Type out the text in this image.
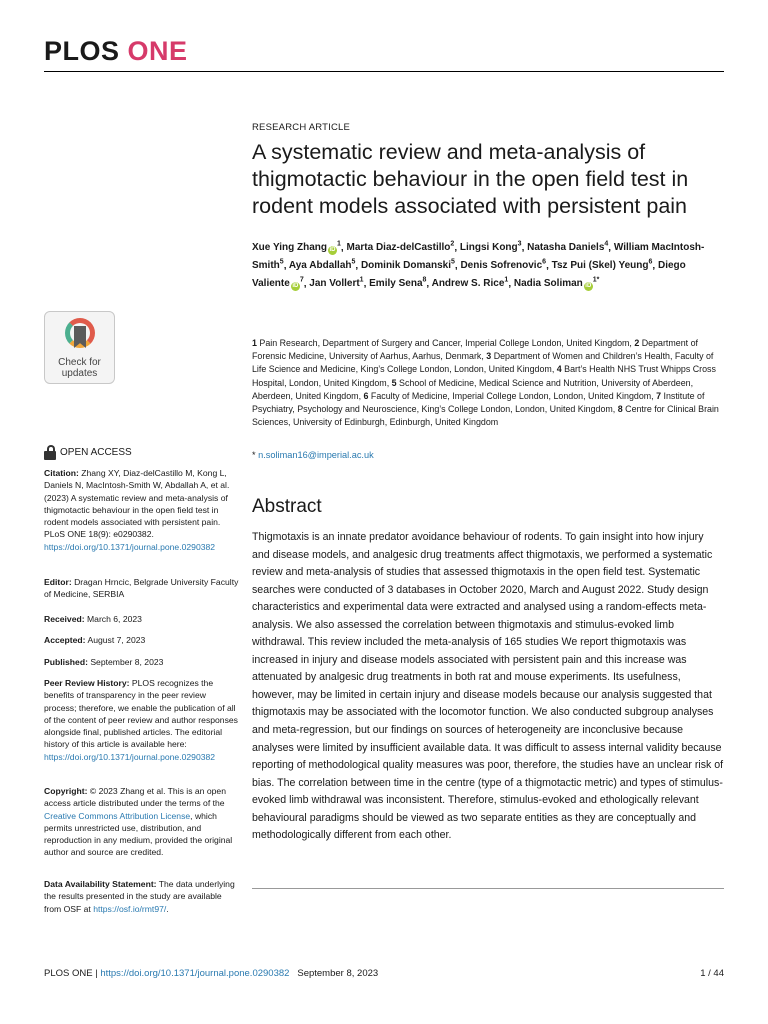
PLOS ONE
Check for
updates
OPEN ACCESS
Citation: Zhang XY, Diaz-delCastillo M, Kong L, Daniels N, MacIntosh-Smith W, Abdallah A, et al. (2023) A systematic review and meta-analysis of thigmotactic behaviour in the open field test in rodent models associated with persistent pain. PLoS ONE 18(9): e0290382. https://doi.org/10.1371/journal.pone.0290382
Editor: Dragan Hrncic, Belgrade University Faculty of Medicine, SERBIA
Received: March 6, 2023
Accepted: August 7, 2023
Published: September 8, 2023
Peer Review History: PLOS recognizes the benefits of transparency in the peer review process; therefore, we enable the publication of all of the content of peer review and author responses alongside final, published articles. The editorial history of this article is available here: https://doi.org/10.1371/journal.pone.0290382
Copyright: © 2023 Zhang et al. This is an open access article distributed under the terms of the Creative Commons Attribution License, which permits unrestricted use, distribution, and reproduction in any medium, provided the original author and source are credited.
Data Availability Statement: The data underlying the results presented in the study are available from OSF at https://osf.io/rmt97/.
RESEARCH ARTICLE
A systematic review and meta-analysis of thigmotactic behaviour in the open field test in rodent models associated with persistent pain
Xue Ying Zhang $iD^1$, Marta Diaz-delCastillo$^2$, Lingsi Kong$^3$, Natasha Daniels$^4$, William MacIntosh-Smith$^5$, Aya Abdallah$^5$, Dominik Domanski$^5$, Denis Sofrenovic$^6$, Tsz Pui (Skel) Yeung$^6$, Diego Valiente $iD^7$, Jan Vollert$^1$, Emily Sena$^8$, Andrew S. Rice$^1$, Nadia Soliman $iD^{1*}$
1 Pain Research, Department of Surgery and Cancer, Imperial College London, United Kingdom, 2 Department of Forensic Medicine, University of Aarhus, Aarhus, Denmark, 3 Department of Women and Children’s Health, Faculty of Life Science and Medicine, King’s College London, London, United Kingdom, 4 Bart’s Health NHS Trust Whipps Cross Hospital, London, United Kingdom, 5 School of Medicine, Medical Science and Nutrition, University of Aberdeen, Aberdeen, United Kingdom, 6 Faculty of Medicine, Imperial College London, London, United Kingdom, 7 Institute of Psychiatry, Psychology and Neuroscience, King’s College London, London, United Kingdom, 8 Centre for Clinical Brain Sciences, University of Edinburgh, Edinburgh, United Kingdom
* n.soliman16@imperial.ac.uk
Abstract

Thigmotaxis is an innate predator avoidance behaviour of rodents. To gain insight into how injury and disease models, and analgesic drug treatments affect thigmotaxis, we performed a systematic review and meta-analysis of studies that assessed thigmotaxis in the open field test. Systematic searches were conducted of 3 databases in October 2020, March and August 2022. Study design characteristics and experimental data were extracted and analysed using a random-effects meta-analysis. We also assessed the correlation between thigmotaxis and stimulus-evoked limb withdrawal. This review included the meta-analysis of 165 studies We report thigmotaxis was increased in injury and disease models associated with persistent pain and this increase was attenuated by analgesic drug treatments in both rat and mouse experiments. Its usefulness, however, may be limited in certain injury and disease models because our analysis suggested that thigmotaxis may be associated with the locomotor function. We also conducted subgroup analyses and meta-regression, but our findings on sources of heterogeneity are inconclusive because analyses were limited by insufficient available data. It was difficult to assess internal validity because reporting of methodological quality measures was poor, therefore, the studies have an unclear risk of bias. The correlation between time in the centre (type of a thigmotactic metric) and types of stimulus-evoked limb withdrawal was inconsistent. Therefore, stimulus-evoked and ethologically relevant behavioural paradigms should be viewed as two separate entities as they are conceptually and methodologically different from each other.

PLOS ONE
|
https://doi.org/10.1371/journal.pone.0290382
September 8, 2023	1 / 44
